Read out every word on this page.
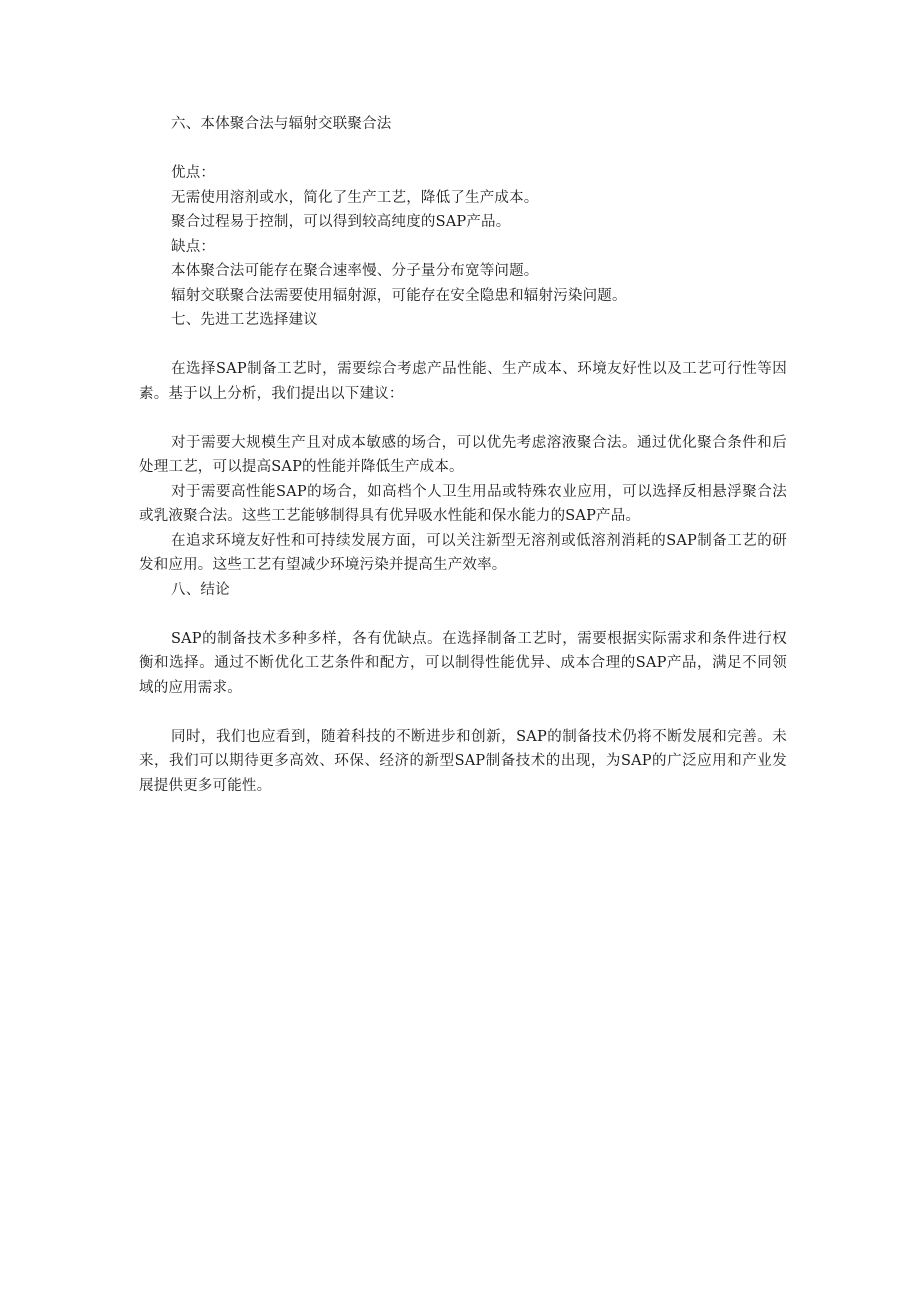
六、本体聚合法与辐射交联聚合法

优点：

无需使用溶剂或水，简化了生产工艺，降低了生产成本。

聚合过程易于控制，可以得到较高纯度的SAP产品。

缺点：

本体聚合法可能存在聚合速率慢、分子量分布宽等问题。

辐射交联聚合法需要使用辐射源，可能存在安全隐患和辐射污染问题。

七、先进工艺选择建议

在选择SAP制备工艺时，需要综合考虑产品性能、生产成本、环境友好性以及工艺可行性等因素。基于以上分析，我们提出以下建议：

对于需要大规模生产且对成本敏感的场合，可以优先考虑溶液聚合法。通过优化聚合条件和后处理工艺，可以提高SAP的性能并降低生产成本。

对于需要高性能SAP的场合，如高档个人卫生用品或特殊农业应用，可以选择反相悬浮聚合法或乳液聚合法。这些工艺能够制得具有优异吸水性能和保水能力的SAP产品。

在追求环境友好性和可持续发展方面，可以关注新型无溶剂或低溶剂消耗的SAP制备工艺的研发和应用。这些工艺有望减少环境污染并提高生产效率。

八、结论

SAP的制备技术多种多样，各有优缺点。在选择制备工艺时，需要根据实际需求和条件进行权衡和选择。通过不断优化工艺条件和配方，可以制得性能优异、成本合理的SAP产品，满足不同领域的应用需求。

同时，我们也应看到，随着科技的不断进步和创新，SAP的制备技术仍将不断发展和完善。未来，我们可以期待更多高效、环保、经济的新型SAP制备技术的出现，为SAP的广泛应用和产业发展提供更多可能性。
